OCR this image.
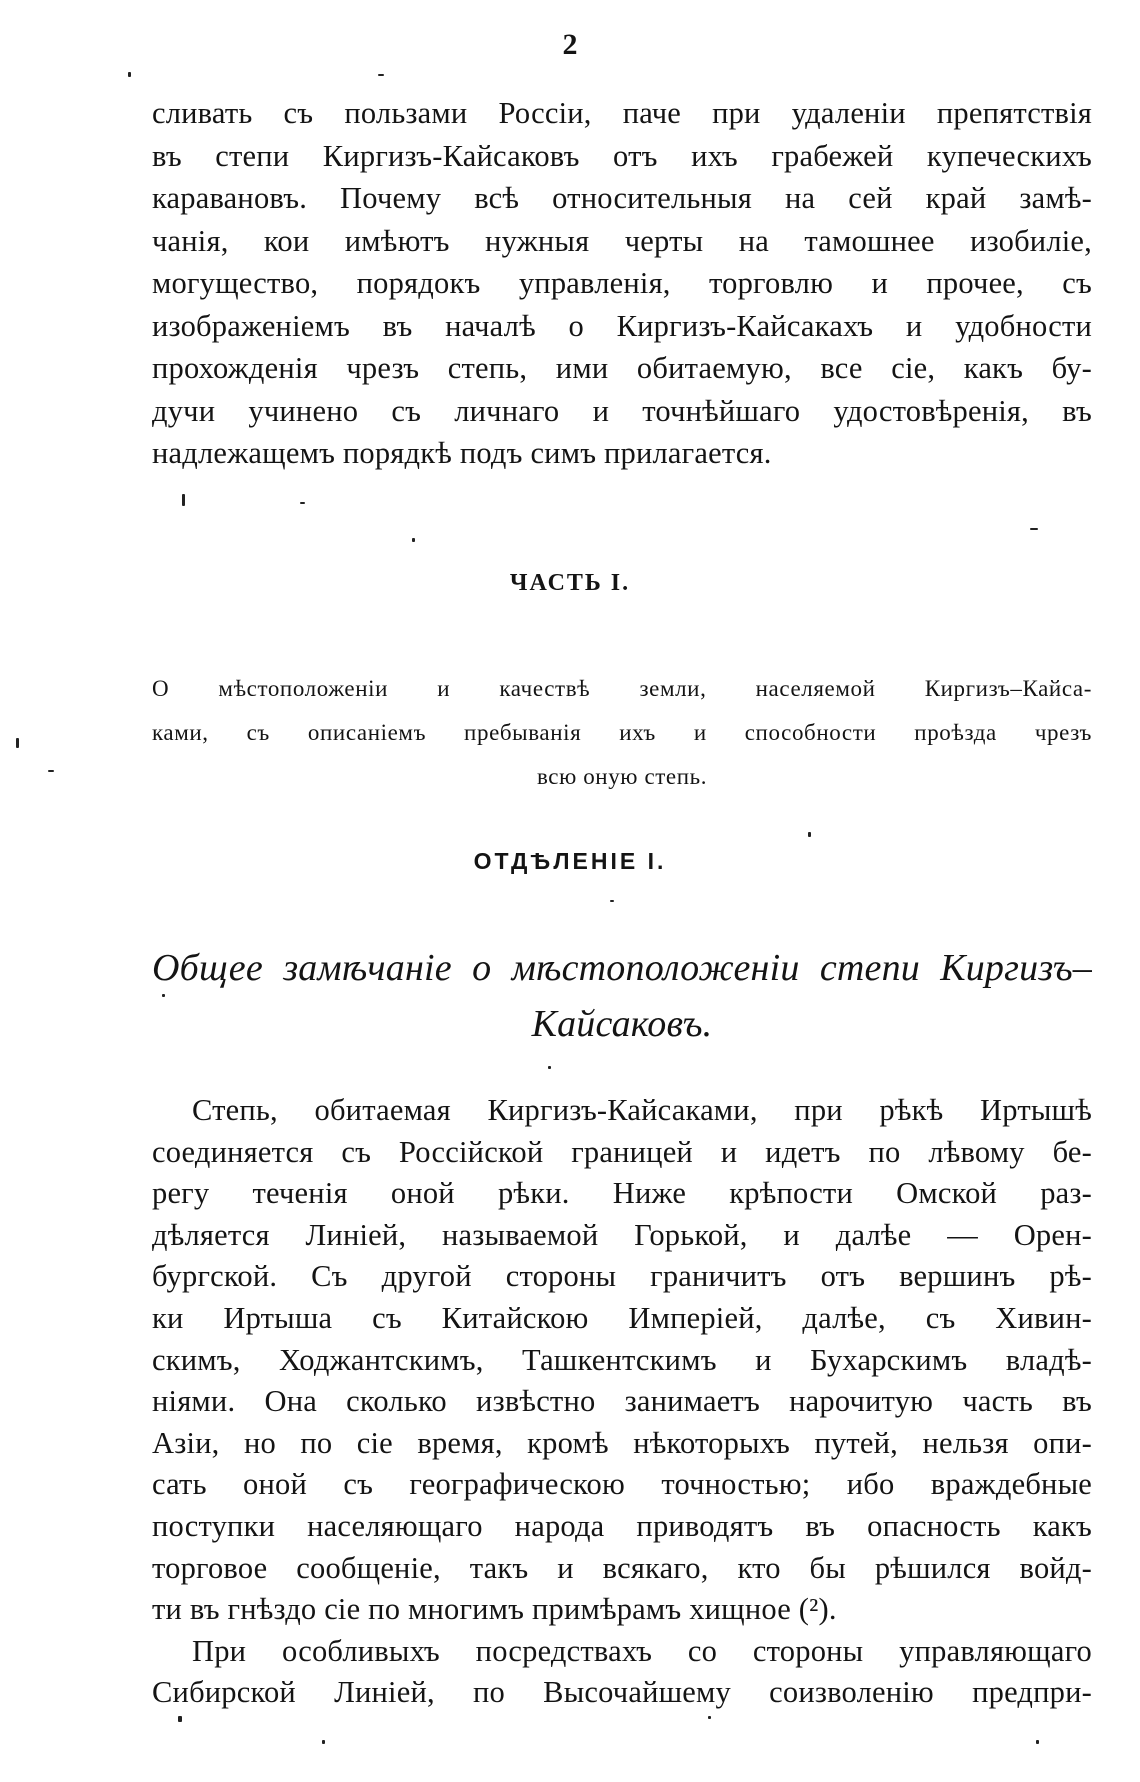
2
сливать съ пользами Россіи, паче при удаленіи препятствія
въ степи Киргизъ-Кайсаковъ отъ ихъ грабежей купеческихъ
каравановъ. Почему всѣ относительныя на сей край замѣ-
чанія, кои имѣютъ нужныя черты на тамошнее изобиліе,
могущество, порядокъ управленія, торговлю и прочее, съ
изображеніемъ въ началѣ о Киргизъ-Кайсакахъ и удобности
прохожденія чрезъ степь, ими обитаемую, все сіе, какъ бу-
дучи учинено съ личнаго и точнѣйшаго удостовѣренія, въ
надлежащемъ порядкѣ подъ симъ прилагается.
ЧАСТЬ I.
О мѣстоположеніи и качествѣ земли, населяемой Киргизъ–Кайса-
ками, съ описаніемъ пребыванія ихъ и способности проѣзда чрезъ
всю оную степь.
ОТДѢЛЕНІЕ I.
Общее замѣчаніе о мѣстоположеніи степи Киргизъ–
Кайсаковъ.
Степь, обитаемая Киргизъ-Кайсаками, при рѣкѣ Иртышѣ
соединяется съ Россійской границей и идетъ по лѣвому бе-
регу теченія оной рѣки. Ниже крѣпости Омской раз-
дѣляется Линіей, называемой Горькой, и далѣе — Орен-
бургской. Съ другой стороны граничитъ отъ вершинъ рѣ-
ки Иртыша съ Китайскою Имперіей, далѣе, съ Хивин-
скимъ, Ходжантскимъ, Ташкентскимъ и Бухарскимъ владѣ-
ніями. Она сколько извѣстно занимаетъ нарочитую часть въ
Азіи, но по сіе время, кромѣ нѣкоторыхъ путей, нельзя опи-
сать оной съ географическою точностью; ибо враждебные
поступки населяющаго народа приводятъ въ опасность какъ
торговое сообщеніе, такъ и всякаго, кто бы рѣшился войд-
ти въ гнѣздо сіе по многимъ примѣрамъ хищное (²).
При особливыхъ посредствахъ со стороны управляющаго
Сибирской Линіей, по Высочайшему соизволенію предпри-
